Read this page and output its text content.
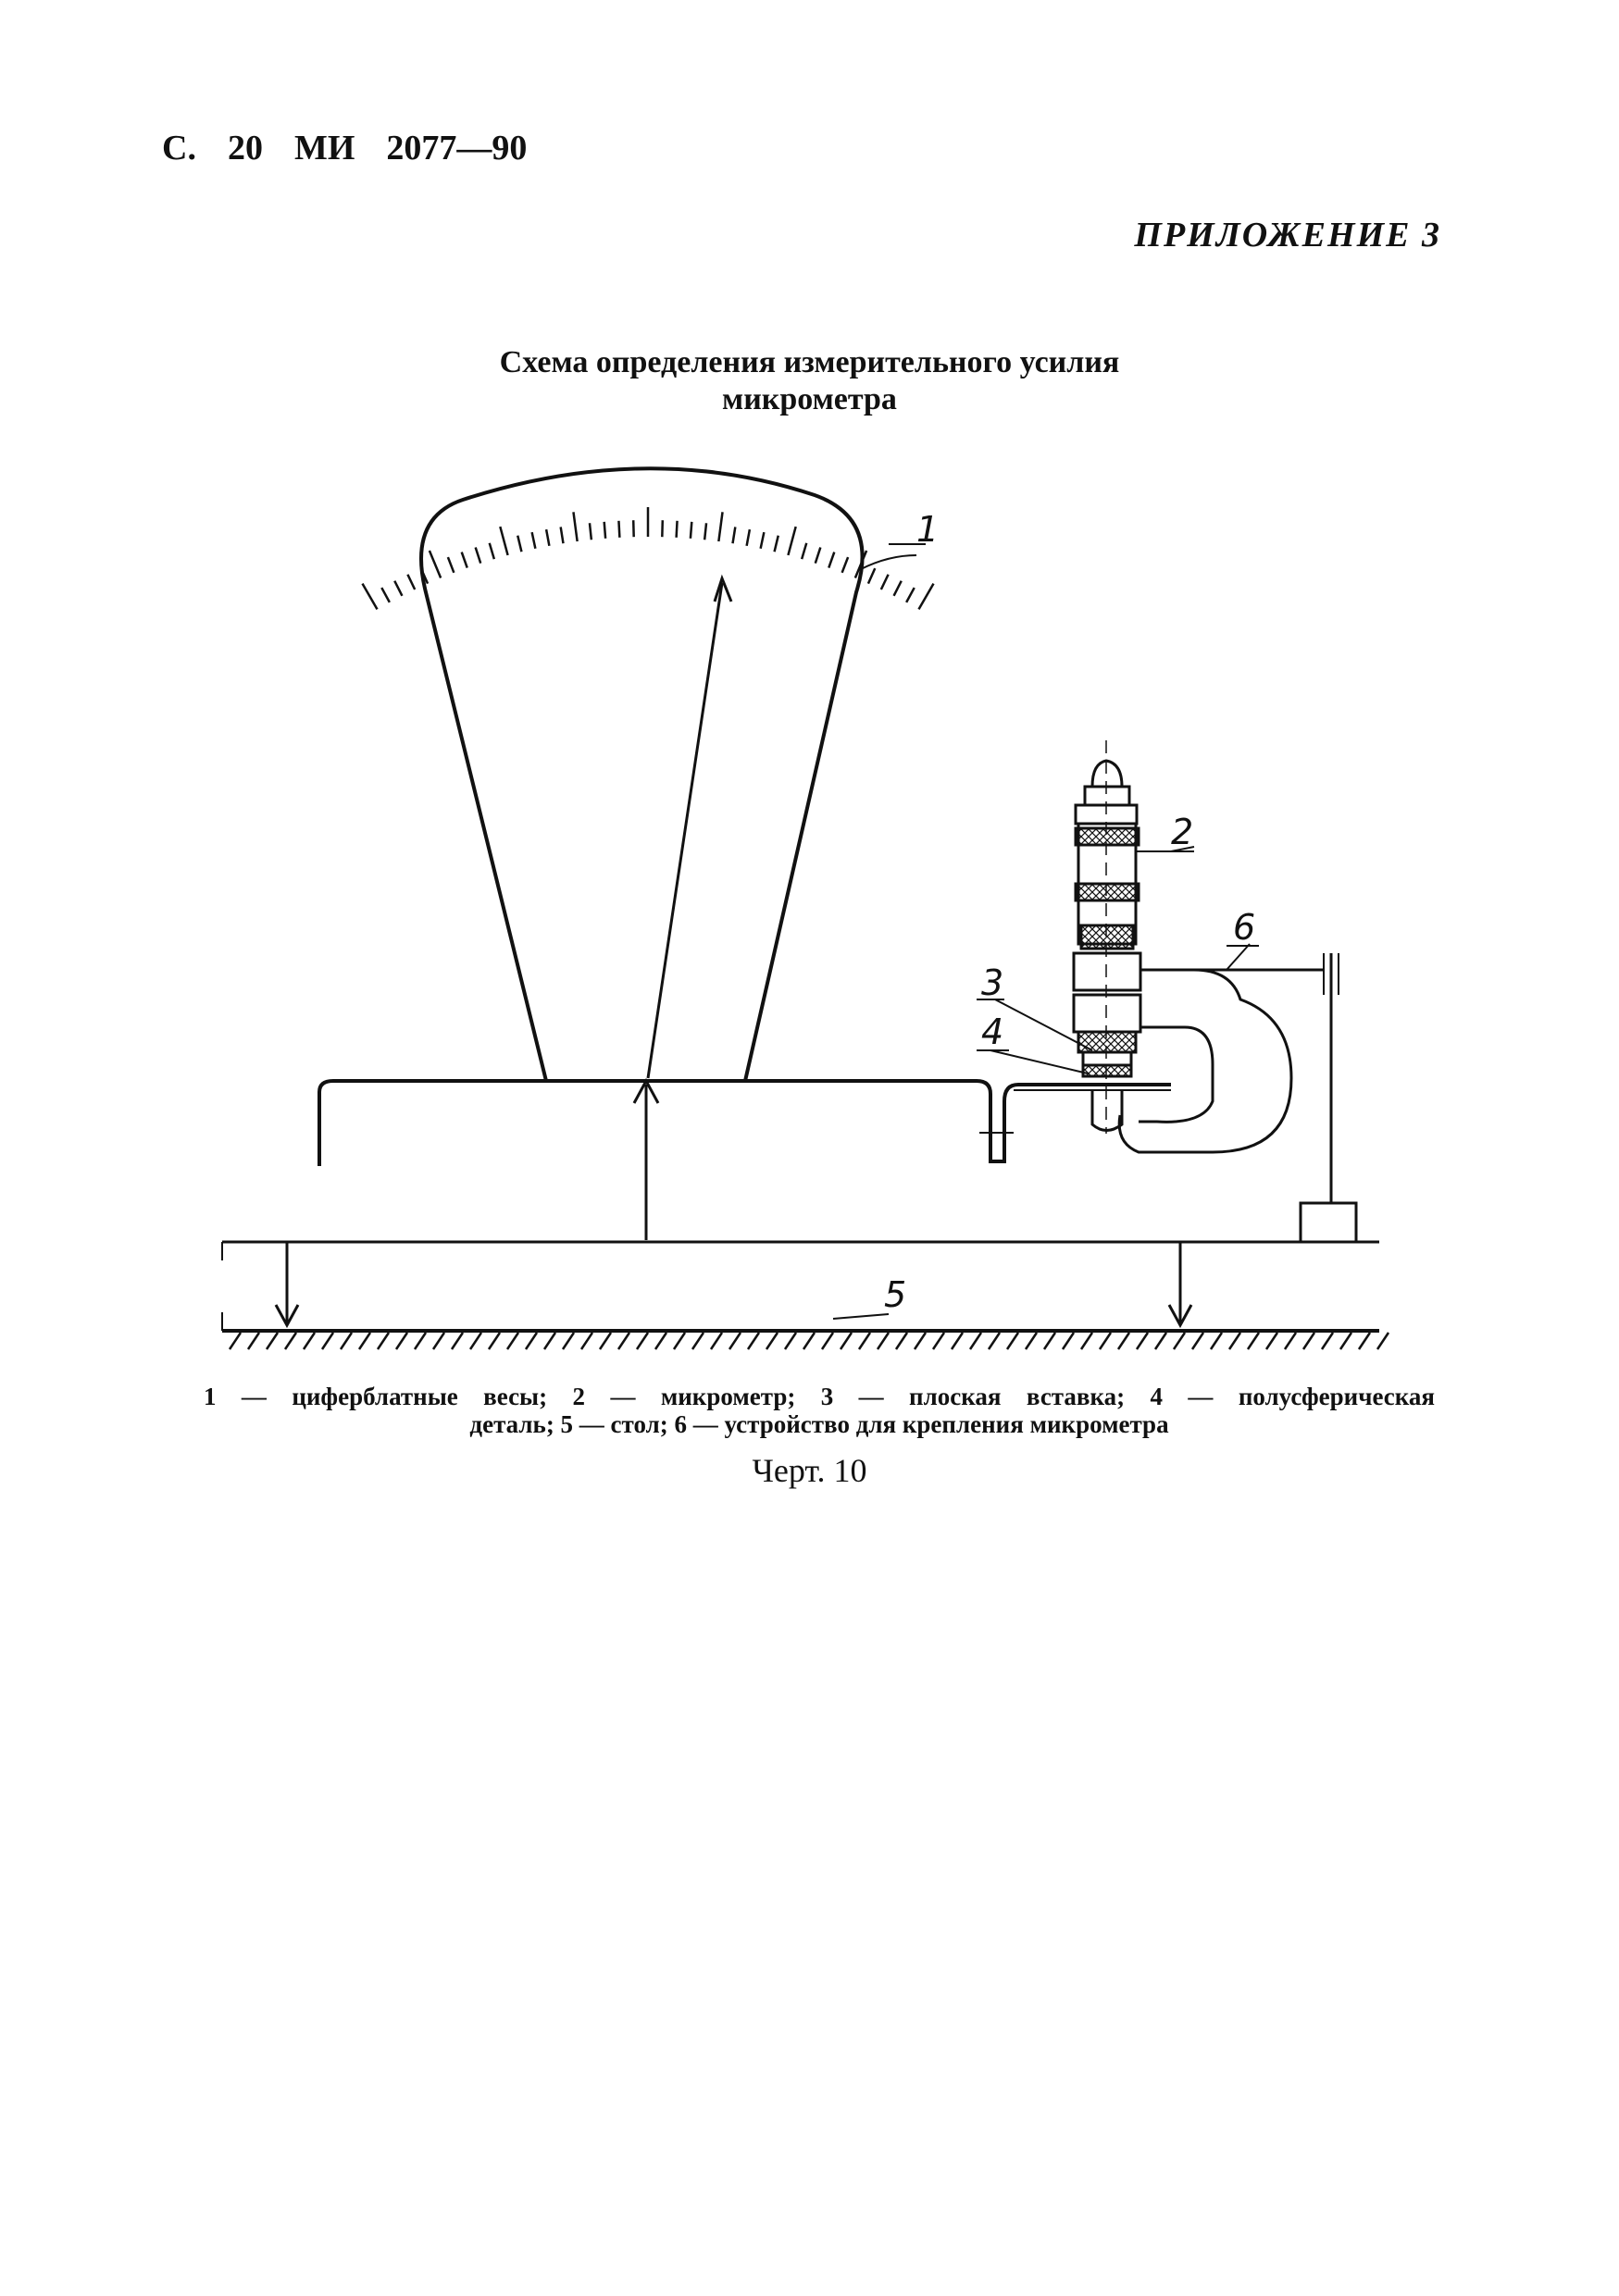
С. 20 МИ 2077—90
ПРИЛОЖЕНИЕ 3
Схема определения измерительного усилия
микрометра
1
2
3
4
5
6
1 — циферблатные весы; 2 — микрометр; 3 — плоская вставка; 4 — полусферическая
деталь; 5 — стол; 6 — устройство для крепления микрометра
Черт. 10
